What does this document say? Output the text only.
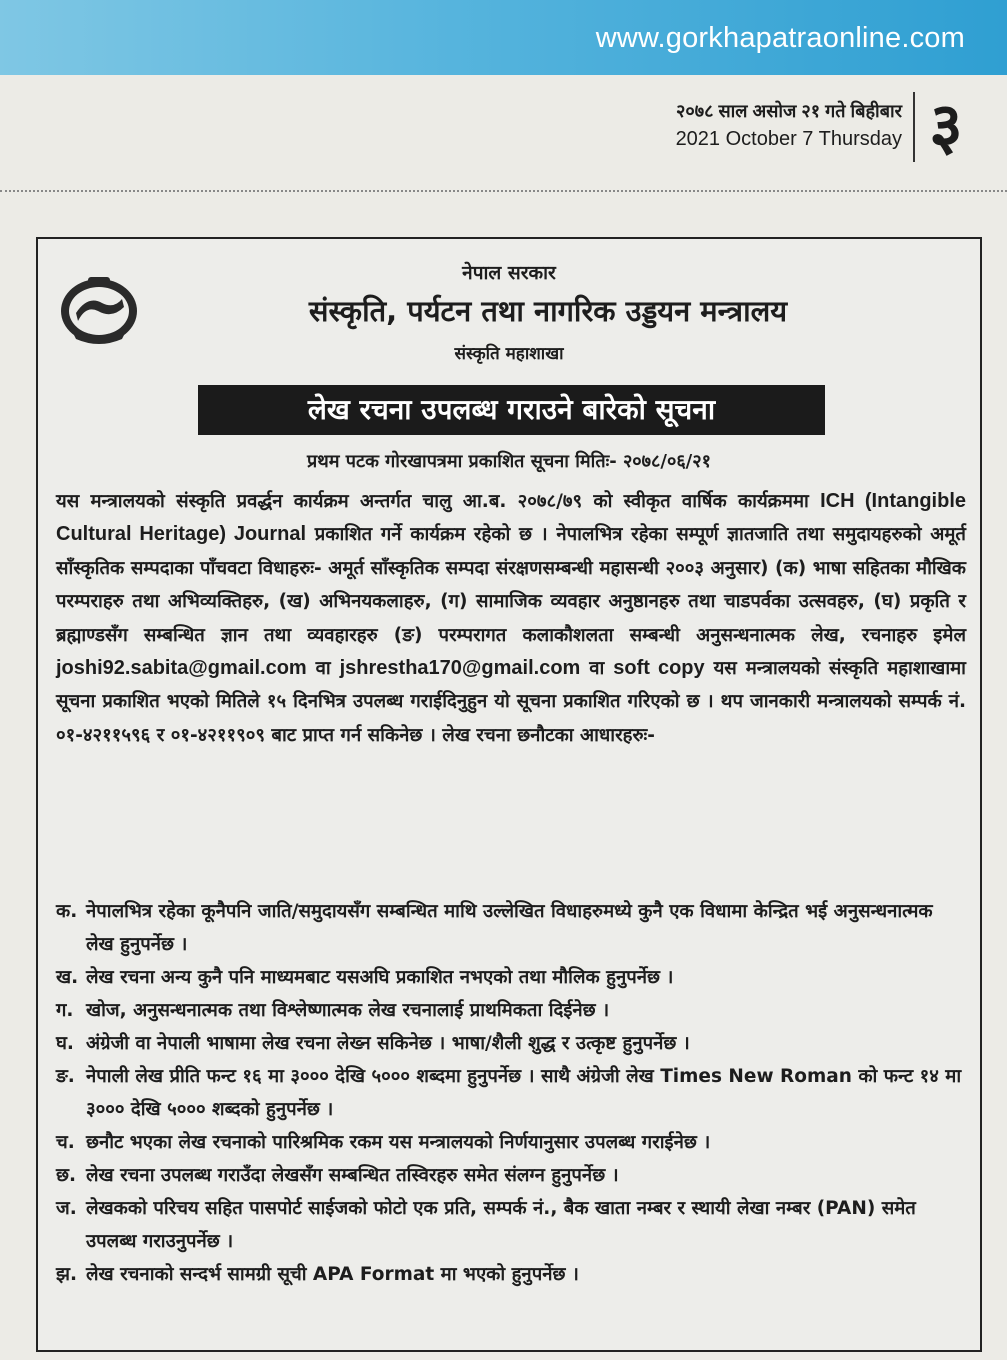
www.gorkhapatraonline.com
२०७८ साल असोज २१ गते बिहीबार
2021 October 7 Thursday ३
नेपाल सरकार
संस्कृति, पर्यटन तथा नागरिक उड्डयन मन्त्रालय
संस्कृति महाशाखा
लेख रचना उपलब्ध गराउने बारेको सूचना
प्रथम पटक गोरखापत्रमा प्रकाशित सूचना मितिः- २०७८/०६/२१

यस मन्त्रालयको संस्कृति प्रवर्द्धन कार्यक्रम अन्तर्गत चालु आ.ब. २०७८/७९ को स्वीकृत वार्षिक कार्यक्रममा ICH (Intangible Cultural Heritage) Journal प्रकाशित गर्ने कार्यक्रम रहेको छ । नेपालभित्र रहेका सम्पूर्ण ज्ञातजाति तथा समुदायहरुको अमूर्त साँस्कृतिक सम्पदाका पाँचवटा विधाहरुः- अमूर्त साँस्कृतिक सम्पदा संरक्षणसम्बन्धी महासन्धी २००३ अनुसार) (क) भाषा सहितका मौखिक परम्पराहरु तथा अभिव्यक्तिहरु, (ख) अभिनयकलाहरु, (ग) सामाजिक व्यवहार अनुष्ठानहरु तथा चाडपर्वका उत्सवहरु, (घ) प्रकृति र ब्रह्माण्डसँग सम्बन्धित ज्ञान तथा व्यवहारहरु (ङ) परम्परागत कलाकौशलता सम्बन्धी अनुसन्धनात्मक लेख, रचनाहरु इमेल joshi92.sabita@gmail.com वा jshrestha170@gmail.com वा soft copy यस मन्त्रालयको संस्कृति महाशाखामा सूचना प्रकाशित भएको मितिले १५ दिनभित्र उपलब्ध गराईदिनुहुन यो सूचना प्रकाशित गरिएको छ । थप जानकारी मन्त्रालयको सम्पर्क नं. ०१-४२११५९६ र ०१-४२११९०९ बाट प्राप्त गर्न सकिनेछ । लेख रचना छनौटका आधारहरुः-

क. नेपालभित्र रहेका कूनैपनि जाति/समुदायसँग सम्बन्धित माथि उल्लेखित विधाहरुमध्ये कुनै एक विधामा केन्द्रित भई अनुसन्धनात्मक लेख हुनुपर्नेछ ।
ख. लेख रचना अन्य कुनै पनि माध्यमबाट यसअघि प्रकाशित नभएको तथा मौलिक हुनुपर्नेछ ।
ग. खोज, अनुसन्धनात्मक तथा विश्लेष्णात्मक लेख रचनालाई प्राथमिकता दिईनेछ ।
घ. अंग्रेजी वा नेपाली भाषामा लेख रचना लेख्न सकिनेछ । भाषा/शैली शुद्ध र उत्कृष्ट हुनुपर्नेछ ।
ङ. नेपाली लेख प्रीति फन्ट १६ मा ३००० देखि ५००० शब्दमा हुनुपर्नेछ । साथै अंग्रेजी लेख Times New Roman को फन्ट १४ मा ३००० देखि ५००० शब्दको हुनुपर्नेछ ।
च. छनौट भएका लेख रचनाको पारिश्रमिक रकम यस मन्त्रालयको निर्णयानुसार उपलब्ध गराईनेछ ।
छ. लेख रचना उपलब्ध गराउँदा लेखसँग सम्बन्धित तस्विरहरु समेत संलग्न हुनुपर्नेछ ।
ज. लेखकको परिचय सहित पासपोर्ट साईजको फोटो एक प्रति, सम्पर्क नं., बैक खाता नम्बर र स्थायी लेखा नम्बर (PAN) समेत उपलब्ध गराउनुपर्नेछ ।
झ. लेख रचनाको सन्दर्भ सामग्री सूची APA Format मा भएको हुनुपर्नेछ ।
